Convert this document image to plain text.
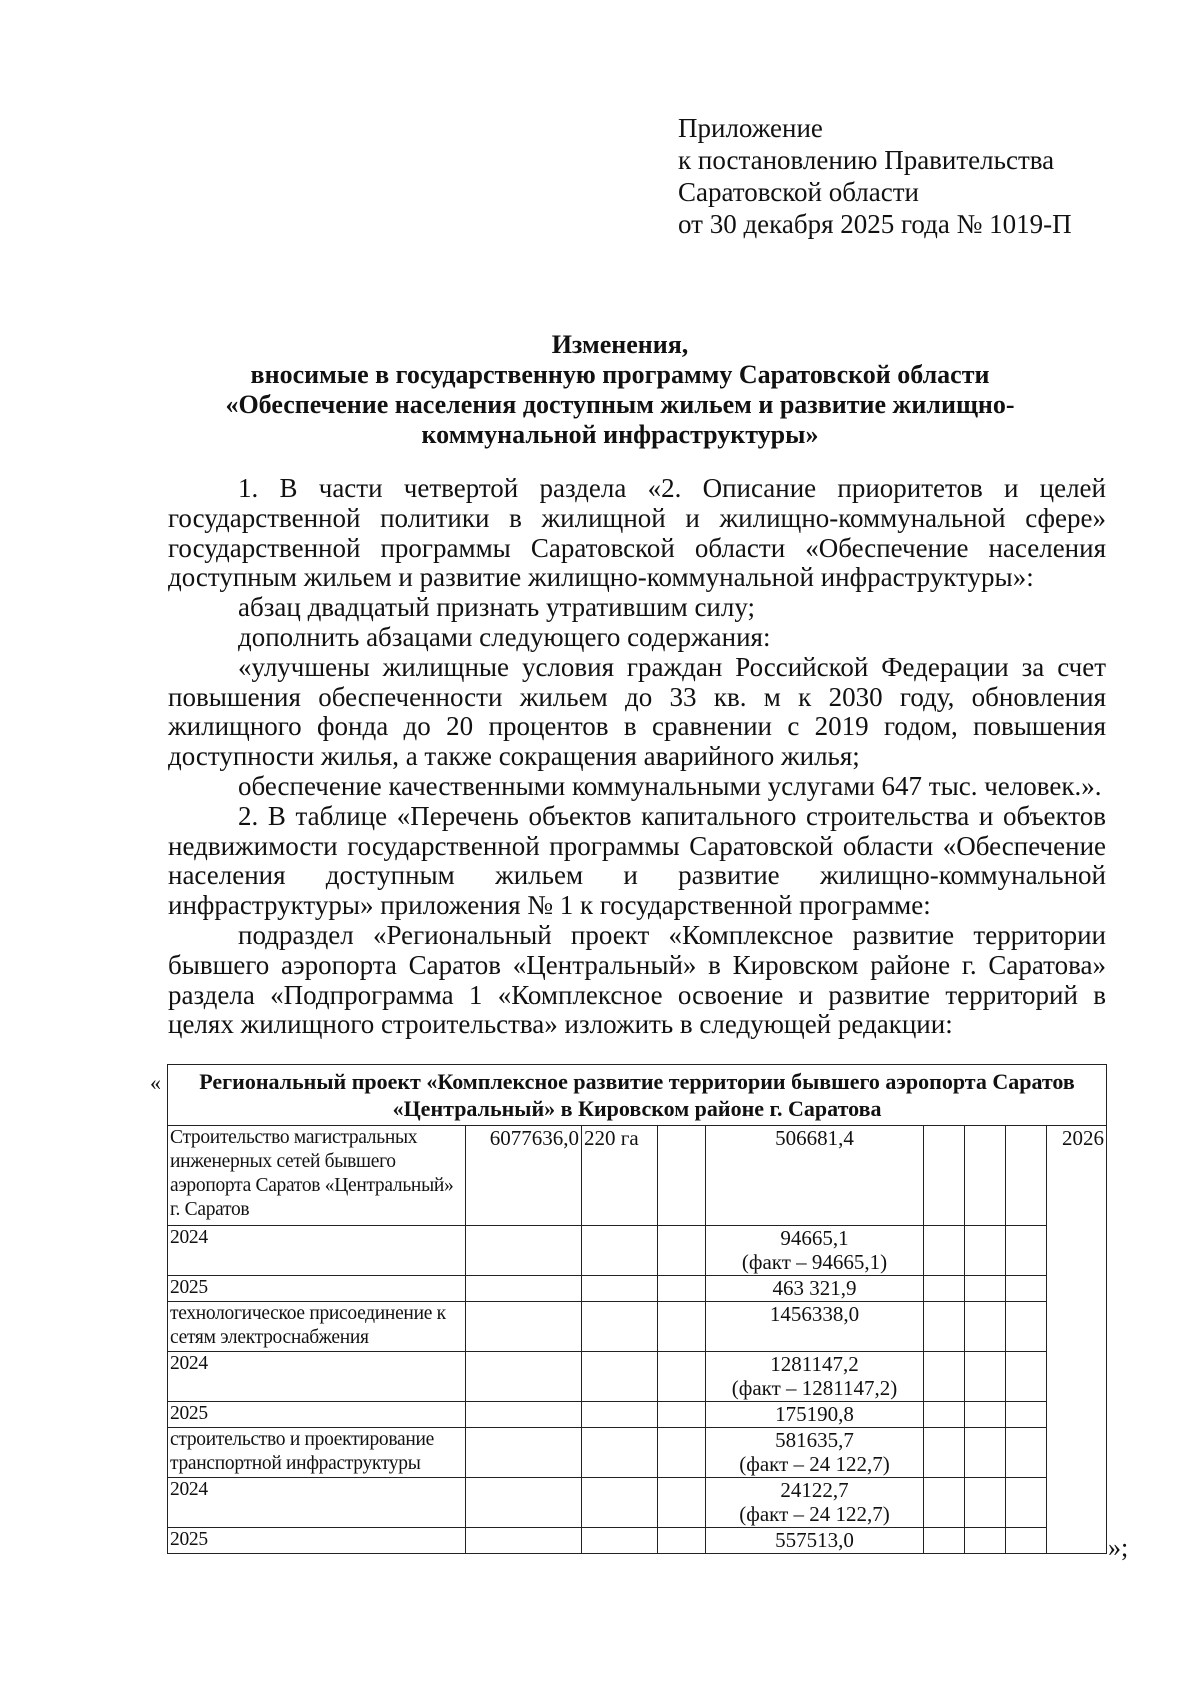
Приложение
к постановлению Правительства
Саратовской области
от 30 декабря 2025 года № 1019-П
Изменения,
вносимые в государственную программу Саратовской области
«Обеспечение населения доступным жильем и развитие жилищно-
коммунальной инфраструктуры»

1. В части четвертой раздела «2. Описание приоритетов и целей государственной политики в жилищной и жилищно-коммунальной сфере» государственной программы Саратовской области «Обеспечение населения доступным жильем и развитие жилищно-коммунальной инфраструктуры»:

абзац двадцатый признать утратившим силу;

дополнить абзацами следующего содержания:

«улучшены жилищные условия граждан Российской Федерации за счет повышения обеспеченности жильем до 33 кв. м к 2030 году, обновления жилищного фонда до 20 процентов в сравнении с 2019 годом, повышения доступности жилья, а также сокращения аварийного жилья;

обеспечение качественными коммунальными услугами 647 тыс. человек.».

2. В таблице «Перечень объектов капитального строительства и объектов недвижимости государственной программы Саратовской области «Обеспечение населения доступным жильем и развитие жилищно-коммунальной инфраструктуры» приложения № 1 к государственной программе:

подраздел «Региональный проект «Комплексное развитие территории бывшего аэропорта Саратов «Центральный» в Кировском районе г. Саратова» раздела «Подпрограмма 1 «Комплексное освоение и развитие территорий в целях жилищного строительства» изложить в следующей редакции:

« Региональный проект «Комплексное развитие территории бывшего аэропорта Саратов «Центральный» в Кировском районе г. Саратова								
Строительство магистральных инженерных сетей бывшего аэропорта Саратов «Центральный» г. Саратов	6077636,0	220 га		506681,4				2026
2024				94665,1
(факт – 94665,1)				

2025				463 321,9				
технологическое присоединение к сетям электроснабжения				1456338,0				
2024				1281147,2
(факт – 1281147,2)				

2025				175190,8				
строительство и проектирование транспортной инфраструктуры				581635,7
(факт – 24 122,7)				

2024				24122,7
(факт – 24 122,7)				

2025				557513,0					»;
